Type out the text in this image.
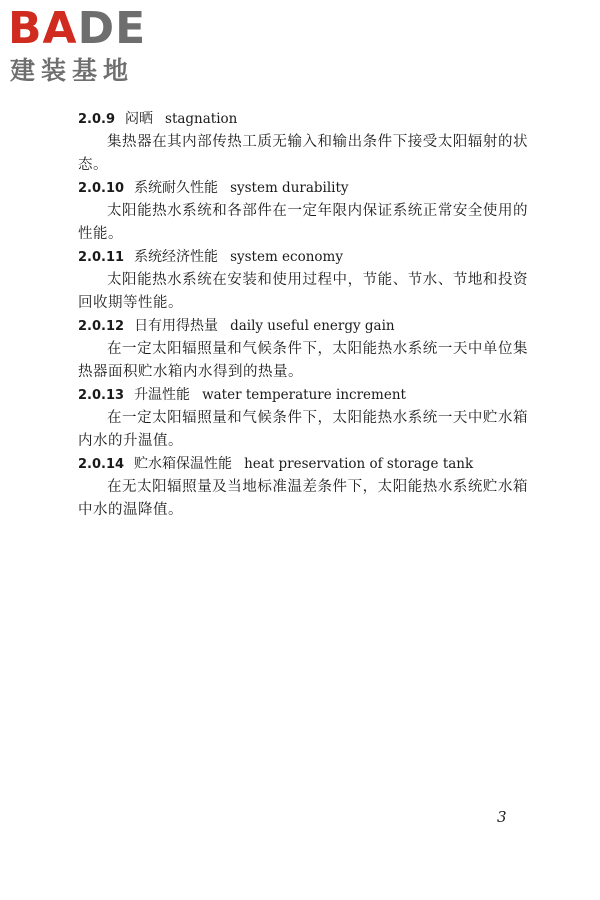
BADE
建装基地
2.0.9 闷晒 stagnation

集热器在其内部传热工质无输入和输出条件下接受太阳辐射的状态。

2.0.10 系统耐久性能 system durability

太阳能热水系统和各部件在一定年限内保证系统正常安全使用的性能。

2.0.11 系统经济性能 system economy

太阳能热水系统在安装和使用过程中，节能、节水、节地和投资回收期等性能。

2.0.12 日有用得热量 daily useful energy gain

在一定太阳辐照量和气候条件下，太阳能热水系统一天中单位集热器面积贮水箱内水得到的热量。

2.0.13 升温性能 water temperature increment

在一定太阳辐照量和气候条件下，太阳能热水系统一天中贮水箱内水的升温值。

2.0.14 贮水箱保温性能 heat preservation of storage tank

在无太阳辐照量及当地标准温差条件下，太阳能热水系统贮水箱中水的温降值。

3
